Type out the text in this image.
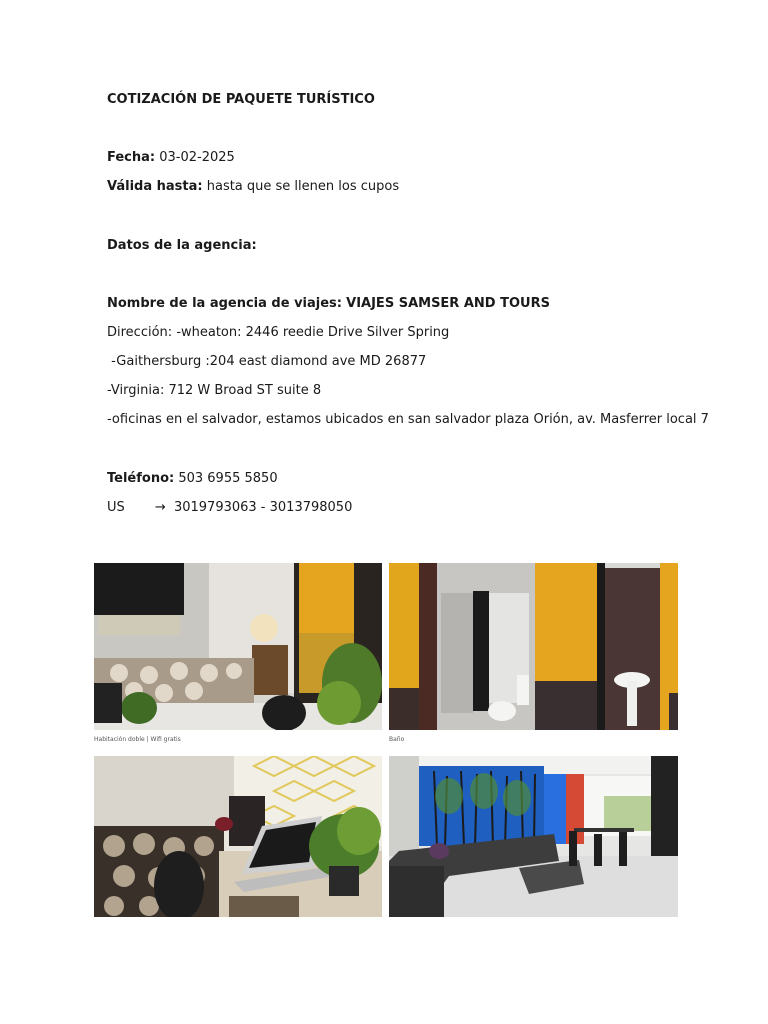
COTIZACIÓN DE PAQUETE TURÍSTICO
Fecha: 03-02-2025
Válida hasta: hasta que se llenen los cupos
Datos de la agencia:
Nombre de la agencia de viajes: VIAJES SAMSER AND TOURS
Dirección: -wheaton: 2446 reedie Drive Silver Spring
-Gaithersburg :204 east diamond ave MD 26877
-Virginia: 712 W Broad ST suite 8
-oficinas en el salvador, estamos ubicados en san salvador plaza Orión, av. Masferrer local 7
Teléfono: 503 6955 5850
US → 3019793063 - 3013798050
Habitación doble | Wifi gratis	Baño
